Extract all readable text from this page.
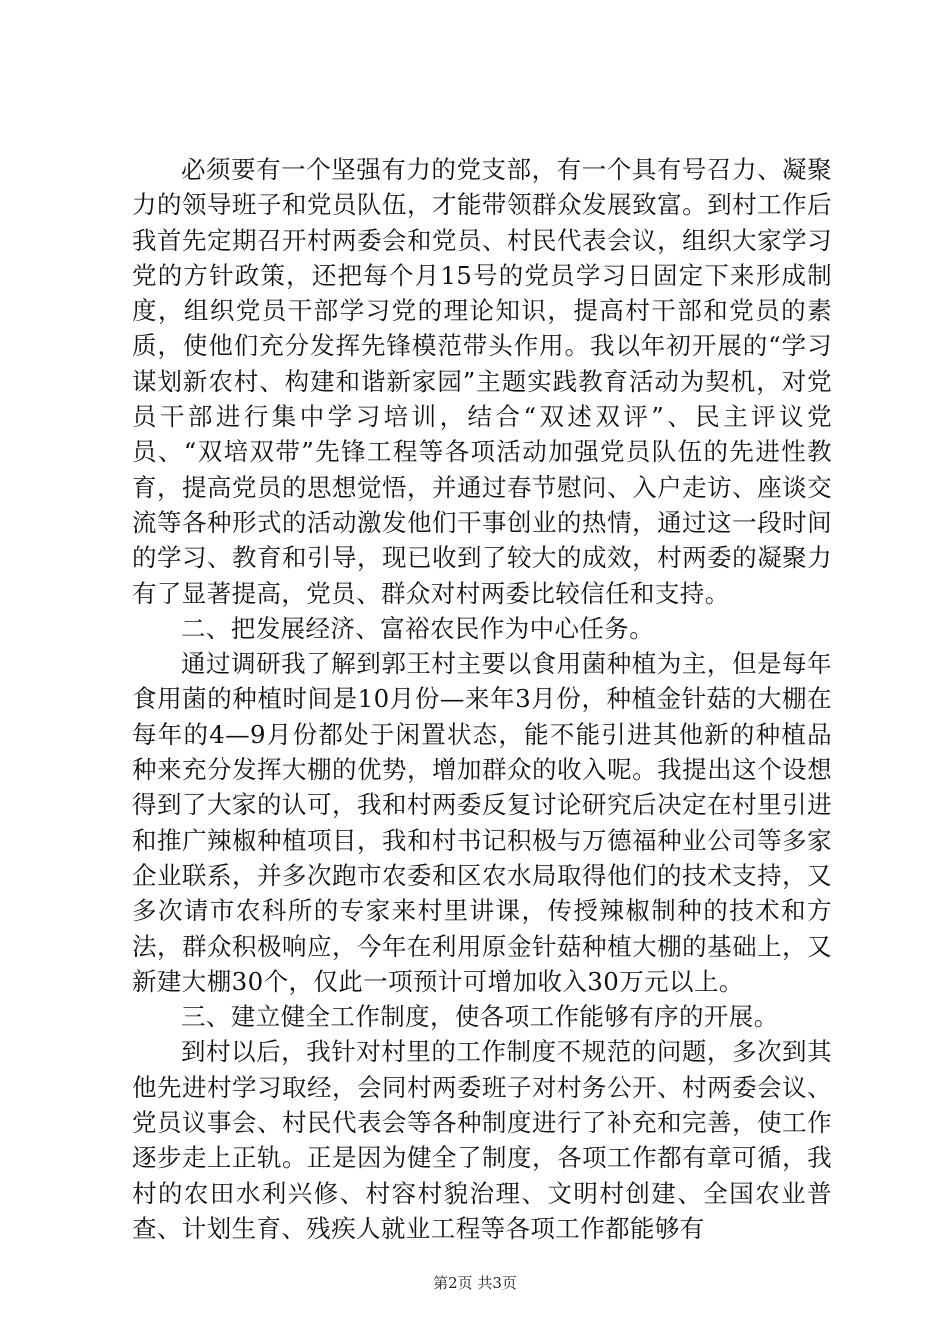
必须要有一个坚强有力的党支部，有一个具有号召力、凝聚力的领导班子和党员队伍，才能带领群众发展致富。到村工作后我首先定期召开村两委会和党员、村民代表会议，组织大家学习党的方针政策，还把每个月15号的党员学习日固定下来形成制度，组织党员干部学习党的理论知识，提高村干部和党员的素质，使他们充分发挥先锋模范带头作用。我以年初开展的“学习谋划新农村、构建和谐新家园”主题实践教育活动为契机，对党员干部进行集中学习培训，结合“双述双评”、民主评议党员、“双培双带”先锋工程等各项活动加强党员队伍的先进性教育，提高党员的思想觉悟，并通过春节慰问、入户走访、座谈交流等各种形式的活动激发他们干事创业的热情，通过这一段时间的学习、教育和引导，现已收到了较大的成效，村两委的凝聚力有了显著提高，党员、群众对村两委比较信任和支持。

二、把发展经济、富裕农民作为中心任务。

通过调研我了解到郭王村主要以食用菌种植为主，但是每年食用菌的种植时间是10月份—来年3月份，种植金针菇的大棚在每年的4—9月份都处于闲置状态，能不能引进其他新的种植品种来充分发挥大棚的优势，增加群众的收入呢。我提出这个设想得到了大家的认可，我和村两委反复讨论研究后决定在村里引进和推广辣椒种植项目，我和村书记积极与万德福种业公司等多家企业联系，并多次跑市农委和区农水局取得他们的技术支持，又多次请市农科所的专家来村里讲课，传授辣椒制种的技术和方法，群众积极响应，今年在利用原金针菇种植大棚的基础上，又新建大棚30个，仅此一项预计可增加收入30万元以上。

三、建立健全工作制度，使各项工作能够有序的开展。

到村以后，我针对村里的工作制度不规范的问题，多次到其他先进村学习取经，会同村两委班子对村务公开、村两委会议、党员议事会、村民代表会等各种制度进行了补充和完善，使工作逐步走上正轨。正是因为健全了制度，各项工作都有章可循，我村的农田水利兴修、村容村貌治理、文明村创建、全国农业普查、计划生育、残疾人就业工程等各项工作都能够有

第2页 共3页
